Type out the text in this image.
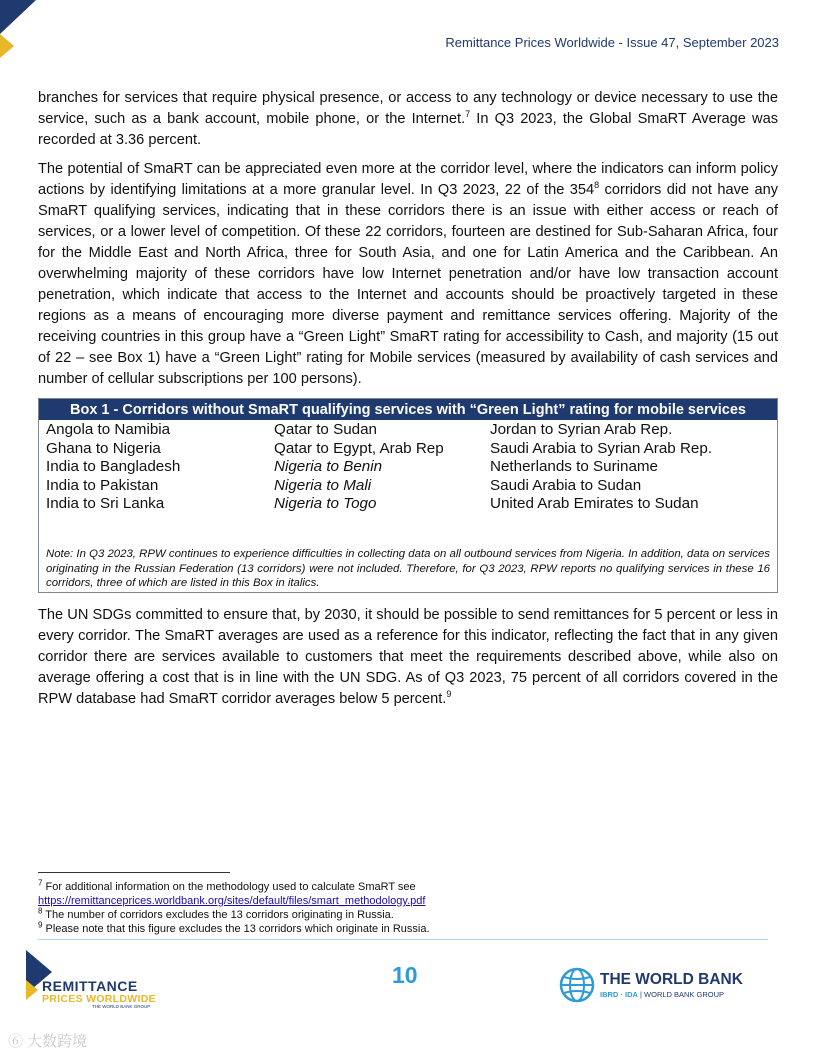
Remittance Prices Worldwide - Issue 47, September 2023

branches for services that require physical presence, or access to any technology or device necessary to use the service, such as a bank account, mobile phone, or the Internet.$^7$ In Q3 2023, the Global SmaRT Average was recorded at 3.36 percent.

The potential of SmaRT can be appreciated even more at the corridor level, where the indicators can inform policy actions by identifying limitations at a more granular level. In Q3 2023, 22 of the $354^8$ corridors did not have any SmaRT qualifying services, indicating that in these corridors there is an issue with either access or reach of services, or a lower level of competition. Of these 22 corridors, fourteen are destined for Sub-Saharan Africa, four for the Middle East and North Africa, three for South Asia, and one for Latin America and the Caribbean. An overwhelming majority of these corridors have low Internet penetration and/or have low transaction account penetration, which indicate that access to the Internet and accounts should be proactively targeted in these regions as a means of encouraging more diverse payment and remittance services offering. Majority of the receiving countries in this group have a “Green Light” SmaRT rating for accessibility to Cash, and majority (15 out of 22 – see Box 1) have a “Green Light” rating for Mobile services (measured by availability of cash services and number of cellular subscriptions per 100 persons).

Box 1 - Corridors without SmaRT qualifying services with “Green Light” rating for mobile services
Angola to Namibia
Ghana to Nigeria
India to Bangladesh
India to Pakistan
India to Sri Lanka
Qatar to Sudan
Qatar to Egypt, Arab Rep
Nigeria to Benin
Nigeria to Mali
Nigeria to Togo
Jordan to Syrian Arab Rep.
Saudi Arabia to Syrian Arab Rep.
Netherlands to Suriname
Saudi Arabia to Sudan
United Arab Emirates to Sudan
Note: In Q3 2023, RPW continues to experience difficulties in collecting data on all outbound services from Nigeria. In addition, data on services originating in the Russian Federation (13 corridors) were not included. Therefore, for Q3 2023, RPW reports no qualifying services in these 16 corridors, three of which are listed in this Box in italics.

The UN SDGs committed to ensure that, by 2030, it should be possible to send remittances for 5 percent or less in every corridor. The SmaRT averages are used as a reference for this indicator, reflecting the fact that in any given corridor there are services available to customers that meet the requirements described above, while also on average offering a cost that is in line with the UN SDG. As of Q3 2023, 75 percent of all corridors covered in the RPW database had SmaRT corridor averages below 5 percent.$^9$

$^7$ For additional information on the methodology used to calculate SmaRT see
https://remittanceprices.worldbank.org/sites/default/files/smart_methodology.pdf
$^8$ The number of corridors excludes the 13 corridors originating in Russia.
$^9$ Please note that this figure excludes the 13 corridors which originate in Russia.
REMITTANCE
PRICES WORLDWIDE
THE WORLD BANK GROUP
10	THE WORLD BANK
IBRD · IDA | WORLD BANK GROUP
⑥ 大数跨境
